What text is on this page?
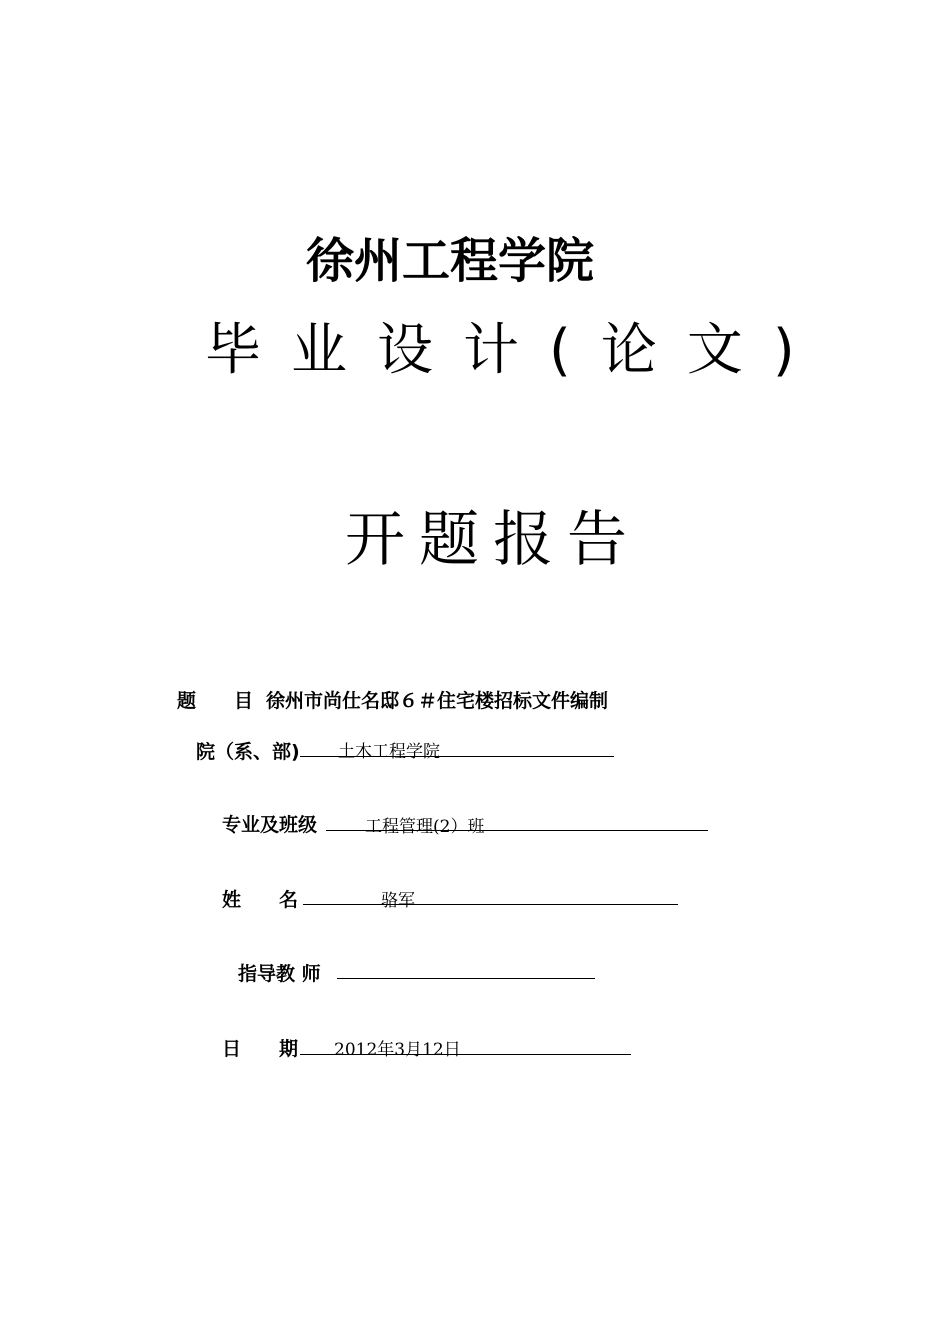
徐州工程学院
毕业设计(论文)
开题报告
题　　目 徐州市尚仕名邸６＃住宅楼招标文件编制
院（系、部) 土木工程学院
专业及班级	工程管理(2）班
姓　　名	骆军
指导教 师
日　　期 2012年3月12日
